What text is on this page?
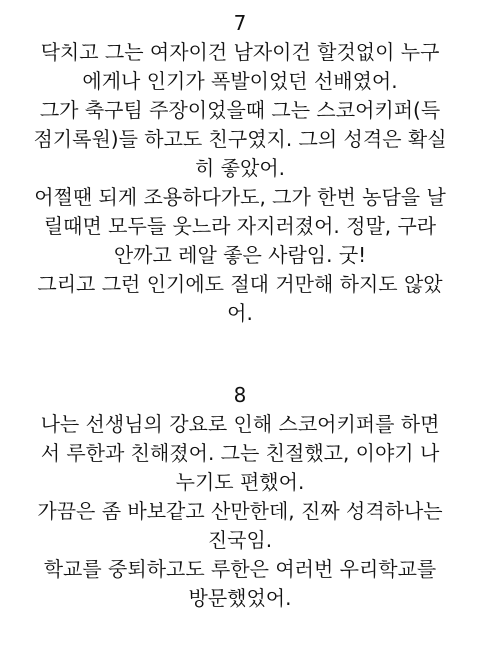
7

닥치고 그는 여자이건 남자이건 할것없이 누구
에게나 인기가 폭발이었던 선배였어.

그가 축구팀 주장이었을때 그는 스코어키퍼(득
점기록원)들 하고도 친구였지. 그의 성격은 확실
히 좋았어.

어쩔땐 되게 조용하다가도, 그가 한번 농담을 날
릴때면 모두들 웃느라 자지러졌어. 정말, 구라
안까고 레알 좋은 사람임. 굿!

그리고 그런 인기에도 절대 거만해 하지도 않았
어.

8

나는 선생님의 강요로 인해 스코어키퍼를 하면
서 루한과 친해졌어. 그는 친절했고, 이야기 나
누기도 편했어.

가끔은 좀 바보같고 산만한데, 진짜 성격하나는
진국임.

학교를 중퇴하고도 루한은 여러번 우리학교를
방문했었어.
